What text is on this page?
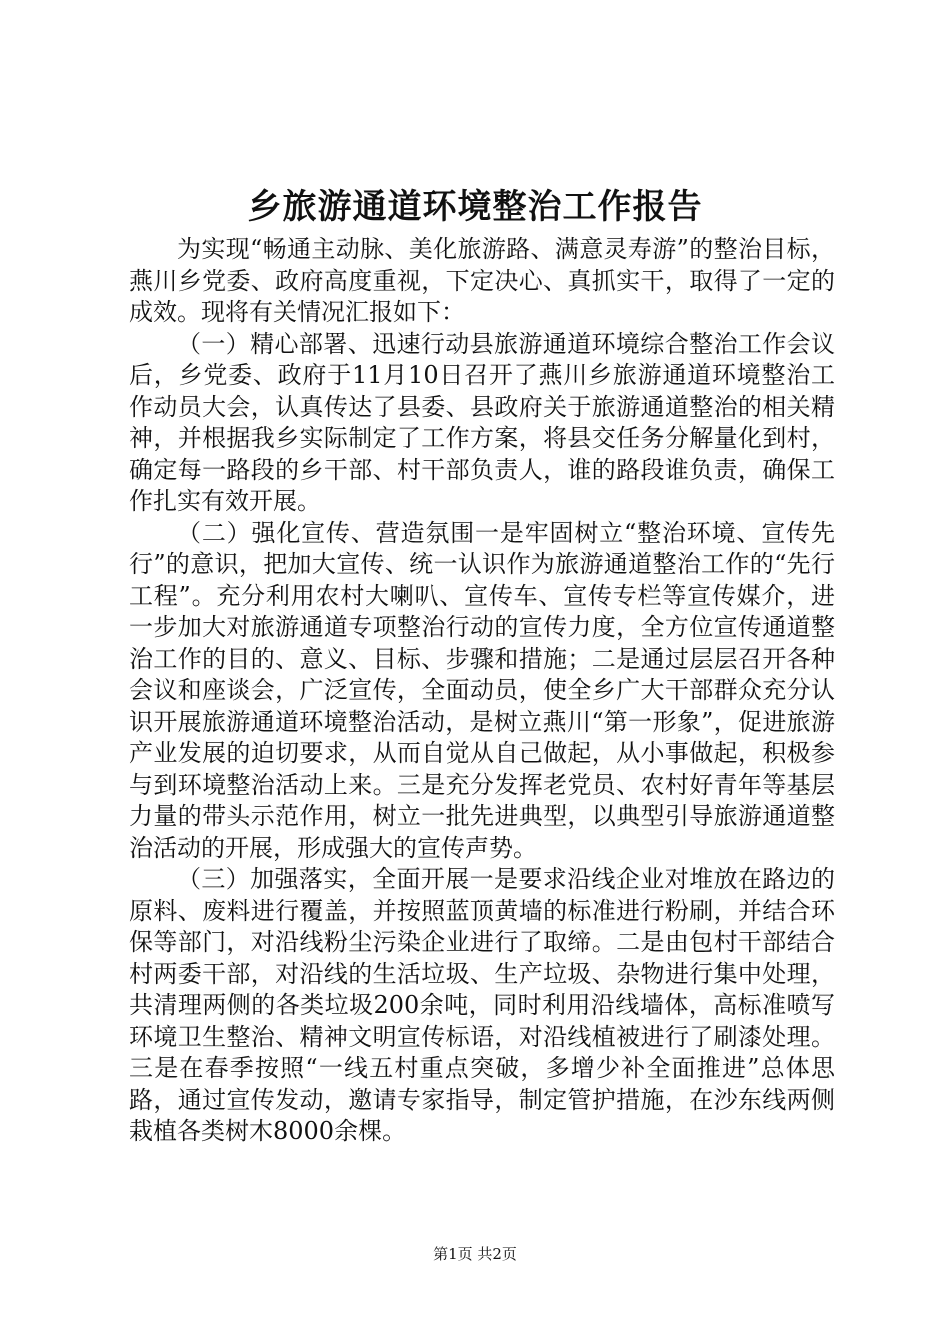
乡旅游通道环境整治工作报告

为实现“畅通主动脉、美化旅游路、满意灵寿游”的整治目标，燕川乡党委、政府高度重视，下定决心、真抓实干，取得了一定的成效。现将有关情况汇报如下：

（一）精心部署、迅速行动县旅游通道环境综合整治工作会议后，乡党委、政府于11月10日召开了燕川乡旅游通道环境整治工作动员大会，认真传达了县委、县政府关于旅游通道整治的相关精神，并根据我乡实际制定了工作方案，将县交任务分解量化到村，确定每一路段的乡干部、村干部负责人，谁的路段谁负责，确保工作扎实有效开展。

（二）强化宣传、营造氛围一是牢固树立“整治环境、宣传先行”的意识，把加大宣传、统一认识作为旅游通道整治工作的“先行工程”。充分利用农村大喇叭、宣传车、宣传专栏等宣传媒介，进一步加大对旅游通道专项整治行动的宣传力度，全方位宣传通道整治工作的目的、意义、目标、步骤和措施；二是通过层层召开各种会议和座谈会，广泛宣传，全面动员，使全乡广大干部群众充分认识开展旅游通道环境整治活动，是树立燕川“第一形象”，促进旅游产业发展的迫切要求，从而自觉从自己做起，从小事做起，积极参与到环境整治活动上来。三是充分发挥老党员、农村好青年等基层力量的带头示范作用，树立一批先进典型，以典型引导旅游通道整治活动的开展，形成强大的宣传声势。

（三）加强落实，全面开展一是要求沿线企业对堆放在路边的原料、废料进行覆盖，并按照蓝顶黄墙的标准进行粉刷，并结合环保等部门，对沿线粉尘污染企业进行了取缔。二是由包村干部结合村两委干部，对沿线的生活垃圾、生产垃圾、杂物进行集中处理，共清理两侧的各类垃圾200余吨，同时利用沿线墙体，高标准喷写环境卫生整治、精神文明宣传标语，对沿线植被进行了刷漆处理。三是在春季按照“一线五村重点突破，多增少补全面推进”总体思路，通过宣传发动，邀请专家指导，制定管护措施，在沙东线两侧栽植各类树木8000余棵。

第1页 共2页
